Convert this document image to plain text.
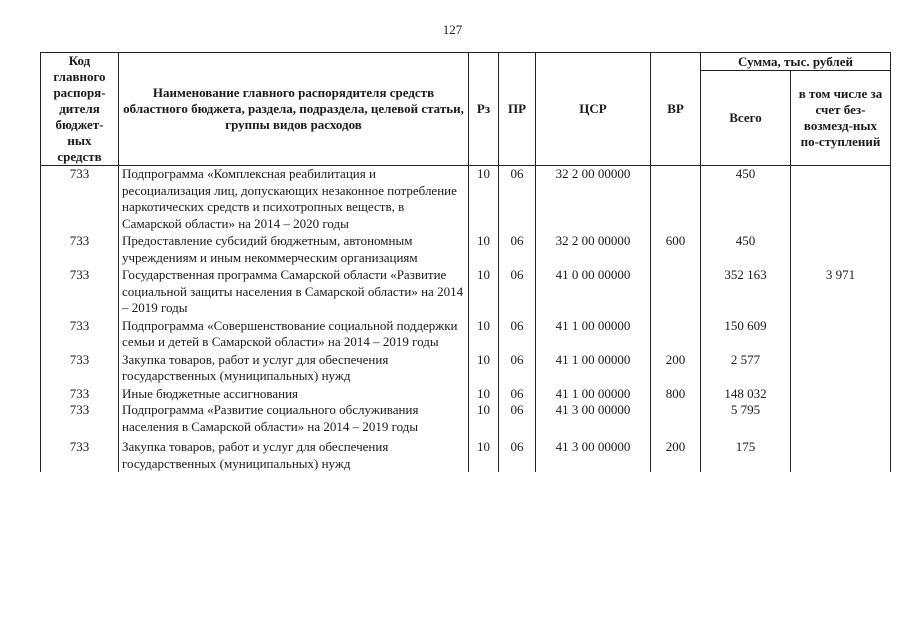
127
Код главного распоря-дителя бюджет-ных средств	Наименование главного распорядителя средств областного бюджета, раздела, подраздела, целевой статьи, группы видов расходов	Рз	ПР	ЦСР	ВР	Сумма, тыс. рублей	
						Всего	в том числе за счет без-возмезд-ных по-ступлений
733	Подпрограмма «Комплексная реабилитация и ресоциализация лиц, допускающих незаконное потребление наркотических средств и психотропных веществ, в Самарской области» на 2014 – 2020 годы	10	06	32 2 00 00000		450	
733	Предоставление субсидий бюджетным, автономным учреждениям и иным некоммерческим организациям	10	06	32 2 00 00000	600	450	
733	Государственная программа Самарской области «Развитие социальной защиты населения в Самарской области» на 2014 – 2019 годы	10	06	41 0 00 00000		352 163	3 971
733	Подпрограмма «Совершенствование социальной поддержки семьи и детей в Самарской области» на 2014 – 2019 годы	10	06	41 1 00 00000		150 609	
733	Закупка товаров, работ и услуг для обеспечения государственных (муниципальных) нужд	10	06	41 1 00 00000	200	2 577	
733	Иные бюджетные ассигнования	10	06	41 1 00 00000	800	148 032	
733	Подпрограмма «Развитие социального обслуживания населения в Самарской области» на 2014 – 2019 годы	10	06	41 3 00 00000		5 795	
733	Закупка товаров, работ и услуг для обеспечения государственных (муниципальных) нужд	10	06	41 3 00 00000	200	175	
